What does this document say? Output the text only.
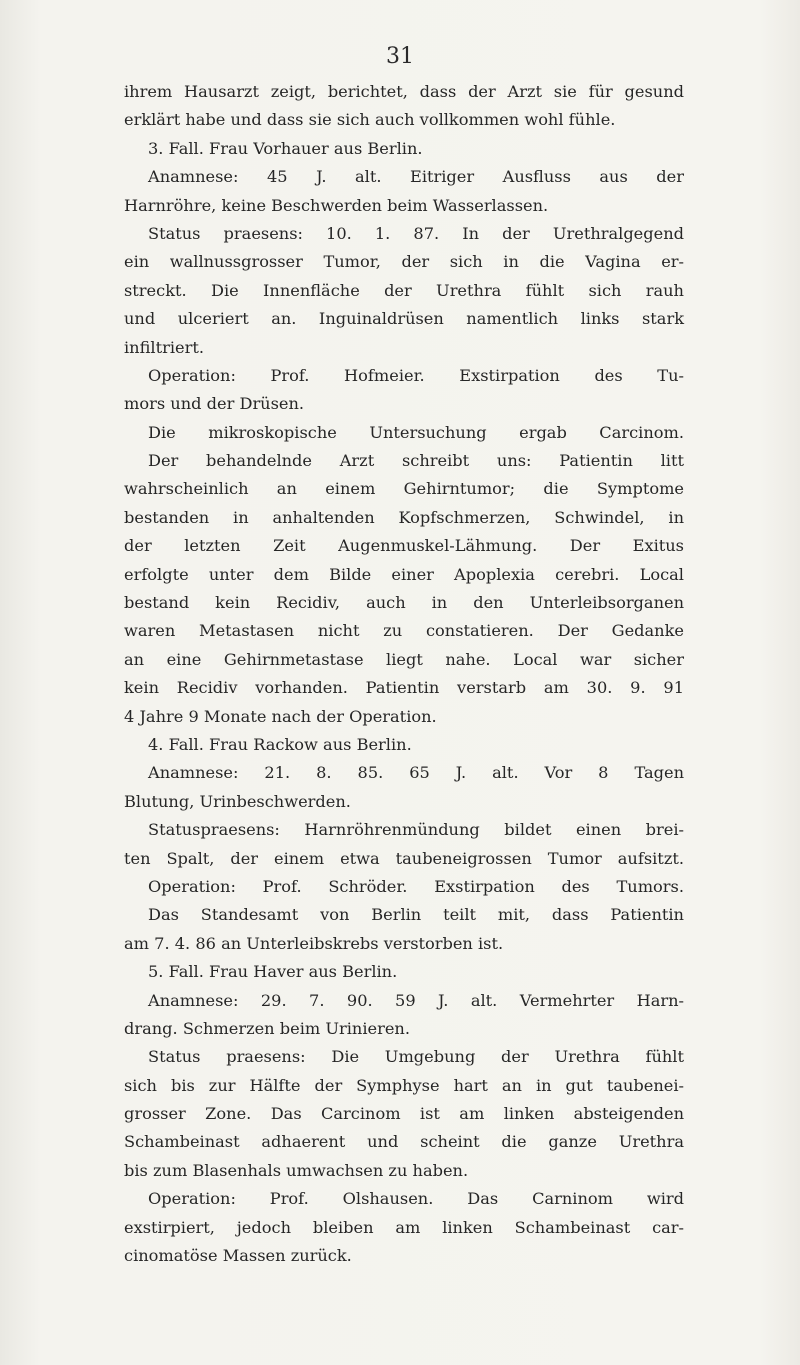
31
ihrem Hausarzt zeigt, berichtet, dass der Arzt sie für gesund
erklärt habe und dass sie sich auch vollkommen wohl fühle.
3. Fall. Frau Vorhauer aus Berlin.
Anamnese: 45 J. alt. Eitriger Ausfluss aus der
Harnröhre, keine Beschwerden beim Wasserlassen.
Status praesens: 10. 1. 87. In der Urethralgegend
ein wallnussgrosser Tumor, der sich in die Vagina er-
streckt. Die Innenfläche der Urethra fühlt sich rauh
und ulceriert an. Inguinaldrüsen namentlich links stark
infiltriert.
Operation: Prof. Hofmeier. Exstirpation des Tu-
mors und der Drüsen.
Die mikroskopische Untersuchung ergab Carcinom.
Der behandelnde Arzt schreibt uns: Patientin litt
wahrscheinlich an einem Gehirntumor; die Symptome
bestanden in anhaltenden Kopfschmerzen, Schwindel, in
der letzten Zeit Augenmuskel-Lähmung. Der Exitus
erfolgte unter dem Bilde einer Apoplexia cerebri. Local
bestand kein Recidiv, auch in den Unterleibsorganen
waren Metastasen nicht zu constatieren. Der Gedanke
an eine Gehirnmetastase liegt nahe. Local war sicher
kein Recidiv vorhanden. Patientin verstarb am 30. 9. 91
4 Jahre 9 Monate nach der Operation.
4. Fall. Frau Rackow aus Berlin.
Anamnese: 21. 8. 85. 65 J. alt. Vor 8 Tagen
Blutung, Urinbeschwerden.
Statuspraesens: Harnröhrenmündung bildet einen brei-
ten Spalt, der einem etwa taubeneigrossen Tumor aufsitzt.
Operation: Prof. Schröder. Exstirpation des Tumors.
Das Standesamt von Berlin teilt mit, dass Patientin
am 7. 4. 86 an Unterleibskrebs verstorben ist.
5. Fall. Frau Haver aus Berlin.
Anamnese: 29. 7. 90. 59 J. alt. Vermehrter Harn-
drang. Schmerzen beim Urinieren.
Status praesens: Die Umgebung der Urethra fühlt
sich bis zur Hälfte der Symphyse hart an in gut taubenei-
grosser Zone. Das Carcinom ist am linken absteigenden
Schambeinast adhaerent und scheint die ganze Urethra
bis zum Blasenhals umwachsen zu haben.
Operation: Prof. Olshausen. Das Carninom wird
exstirpiert, jedoch bleiben am linken Schambeinast car-
cinomatöse Massen zurück.
